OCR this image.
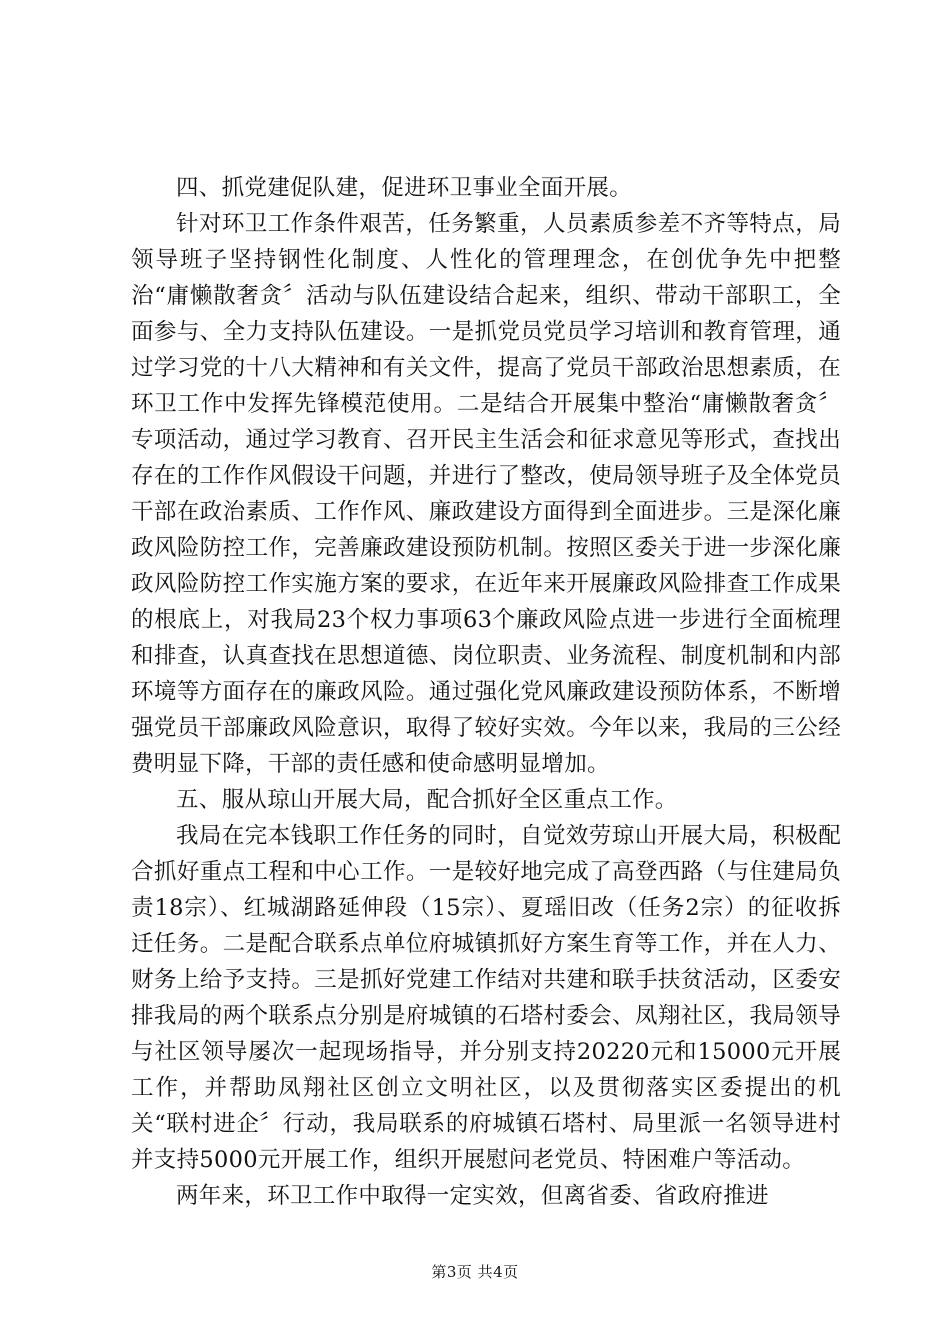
四、抓党建促队建，促进环卫事业全面开展。

针对环卫工作条件艰苦，任务繁重，人员素质参差不齐等特点，局领导班子坚持钢性化制度、人性化的管理理念，在创优争先中把整治“庸懒散奢贪〞活动与队伍建设结合起来，组织、带动干部职工，全面参与、全力支持队伍建设。一是抓党员党员学习培训和教育管理，通过学习党的十八大精神和有关文件，提高了党员干部政治思想素质，在环卫工作中发挥先锋模范使用。二是结合开展集中整治“庸懒散奢贪〞专项活动，通过学习教育、召开民主生活会和征求意见等形式，查找出存在的工作作风假设干问题，并进行了整改，使局领导班子及全体党员干部在政治素质、工作作风、廉政建设方面得到全面进步。三是深化廉政风险防控工作，完善廉政建设预防机制。按照区委关于进一步深化廉政风险防控工作实施方案的要求，在近年来开展廉政风险排查工作成果的根底上，对我局23个权力事项63个廉政风险点进一步进行全面梳理和排查，认真查找在思想道德、岗位职责、业务流程、制度机制和内部环境等方面存在的廉政风险。通过强化党风廉政建设预防体系，不断增强党员干部廉政风险意识，取得了较好实效。今年以来，我局的三公经费明显下降，干部的责任感和使命感明显增加。

五、服从琼山开展大局，配合抓好全区重点工作。

我局在完本钱职工作任务的同时，自觉效劳琼山开展大局，积极配合抓好重点工程和中心工作。一是较好地完成了高登西路（与住建局负责18宗）、红城湖路延伸段（15宗）、夏瑶旧改（任务2宗）的征收拆迁任务。二是配合联系点单位府城镇抓好方案生育等工作，并在人力、财务上给予支持。三是抓好党建工作结对共建和联手扶贫活动，区委安排我局的两个联系点分别是府城镇的石塔村委会、凤翔社区，我局领导与社区领导屡次一起现场指导，并分别支持20220元和15000元开展工作，并帮助凤翔社区创立文明社区，以及贯彻落实区委提出的机关“联村进企〞行动，我局联系的府城镇石塔村、局里派一名领导进村并支持5000元开展工作，组织开展慰问老党员、特困难户等活动。

两年来，环卫工作中取得一定实效，但离省委、省政府推进

第3页 共4页
